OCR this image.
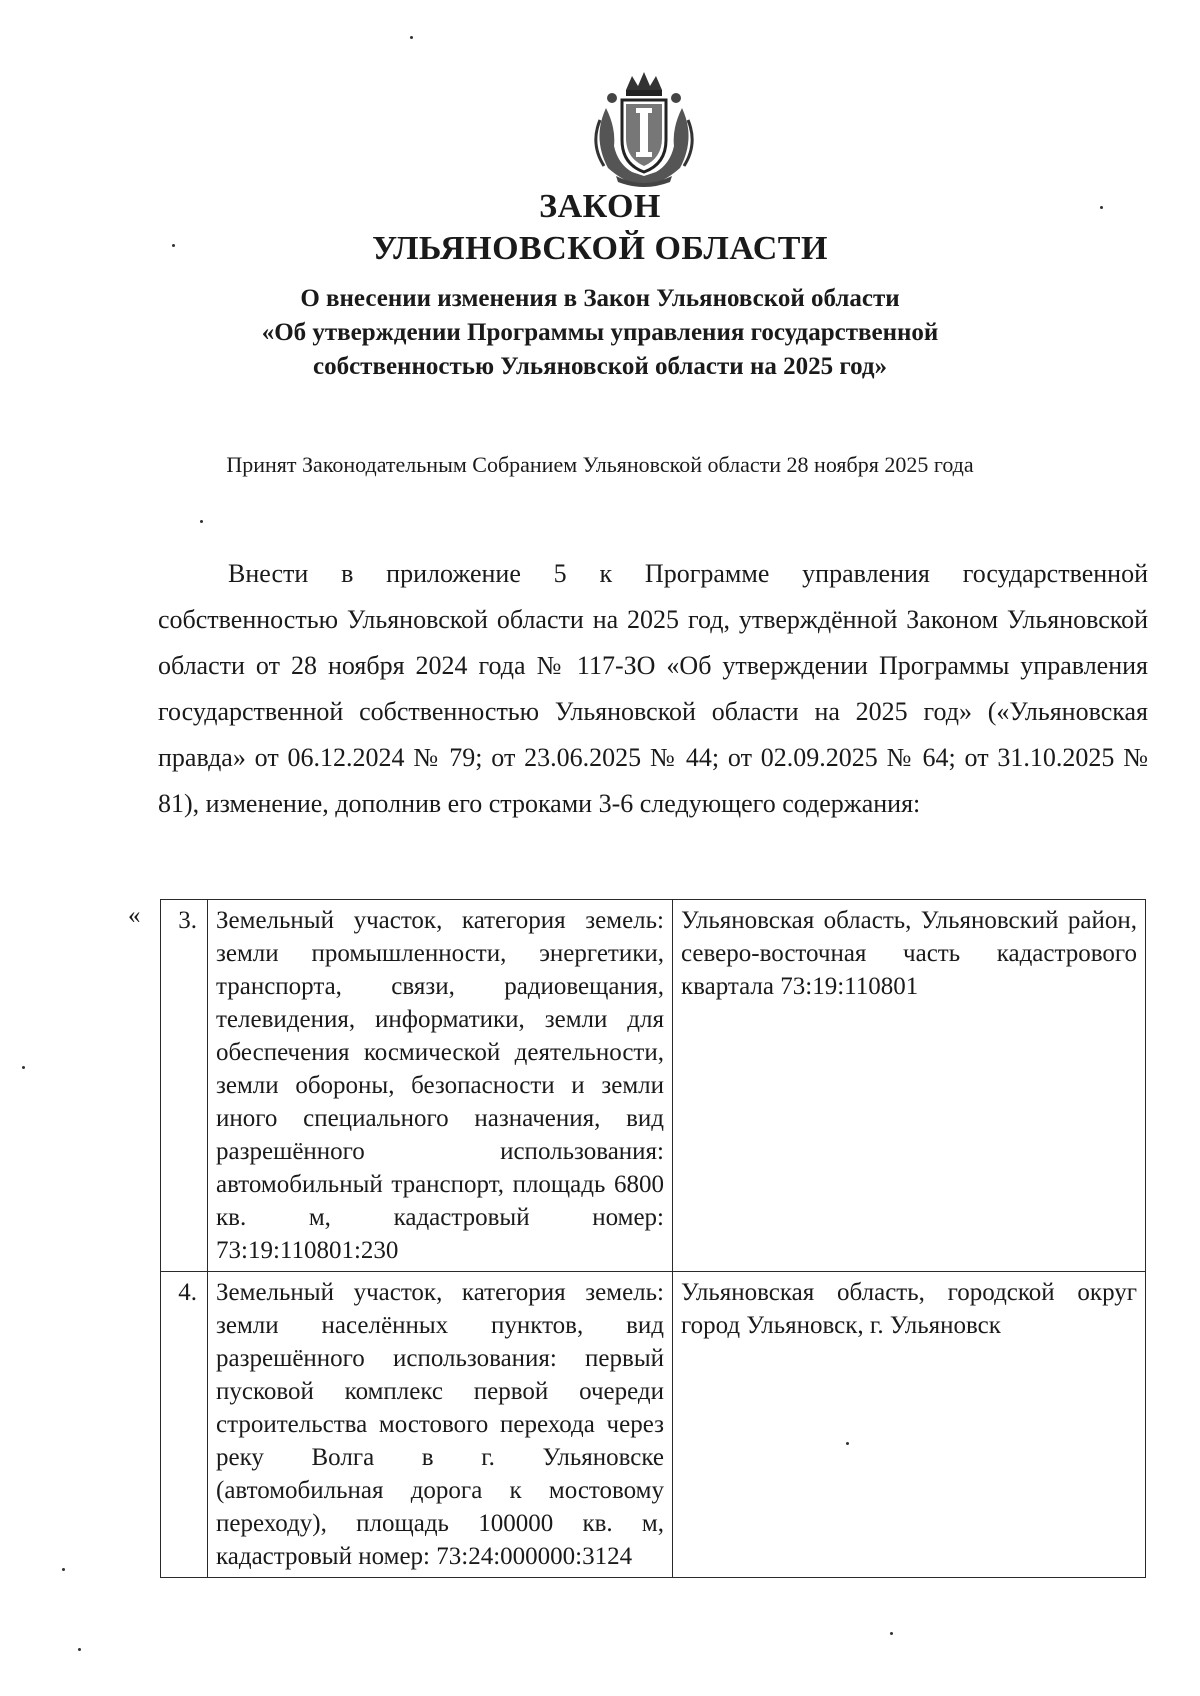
ЗАКОН
УЛЬЯНОВСКОЙ ОБЛАСТИ
О внесении изменения в Закон Ульяновской области
«Об утверждении Программы управления государственной
собственностью Ульяновской области на 2025 год»
Принят Законодательным Собранием Ульяновской области 28 ноября 2025 года

Внести в приложение 5 к Программе управления государственной собственностью Ульяновской области на 2025 год, утверждённой Законом Ульяновской области от 28 ноября 2024 года № 117-ЗО «Об утверждении Программы управления государственной собственностью Ульяновской области на 2025 год» («Ульяновская правда» от 06.12.2024 № 79; от 23.06.2025 № 44; от 02.09.2025 № 64; от 31.10.2025 № 81), изменение, дополнив его строками 3-6 следующего содержания:

« 3.	Земельный участок, категория земель: земли промышленности, энергетики, транспорта, связи, радиовещания, телевидения, информатики, земли для обеспечения космической деятельности, земли обороны, безопасности и земли иного специального назначения, вид разрешённого использования: автомобильный транспорт, площадь 6800 кв. м, кадастровый номер: 73:19:110801:230	Ульяновская область, Ульяновский район, северо-восточная часть кадастрового квартала 73:19:110801
4.	Земельный участок, категория земель: земли населённых пунктов, вид разрешённого использования: первый пусковой комплекс первой очереди строительства мостового перехода через реку Волга в г. Ульяновске (автомобильная дорога к мостовому переходу), площадь 100000 кв. м, кадастровый номер: 73:24:000000:3124	Ульяновская область, городской округ город Ульяновск, г. Ульяновск
